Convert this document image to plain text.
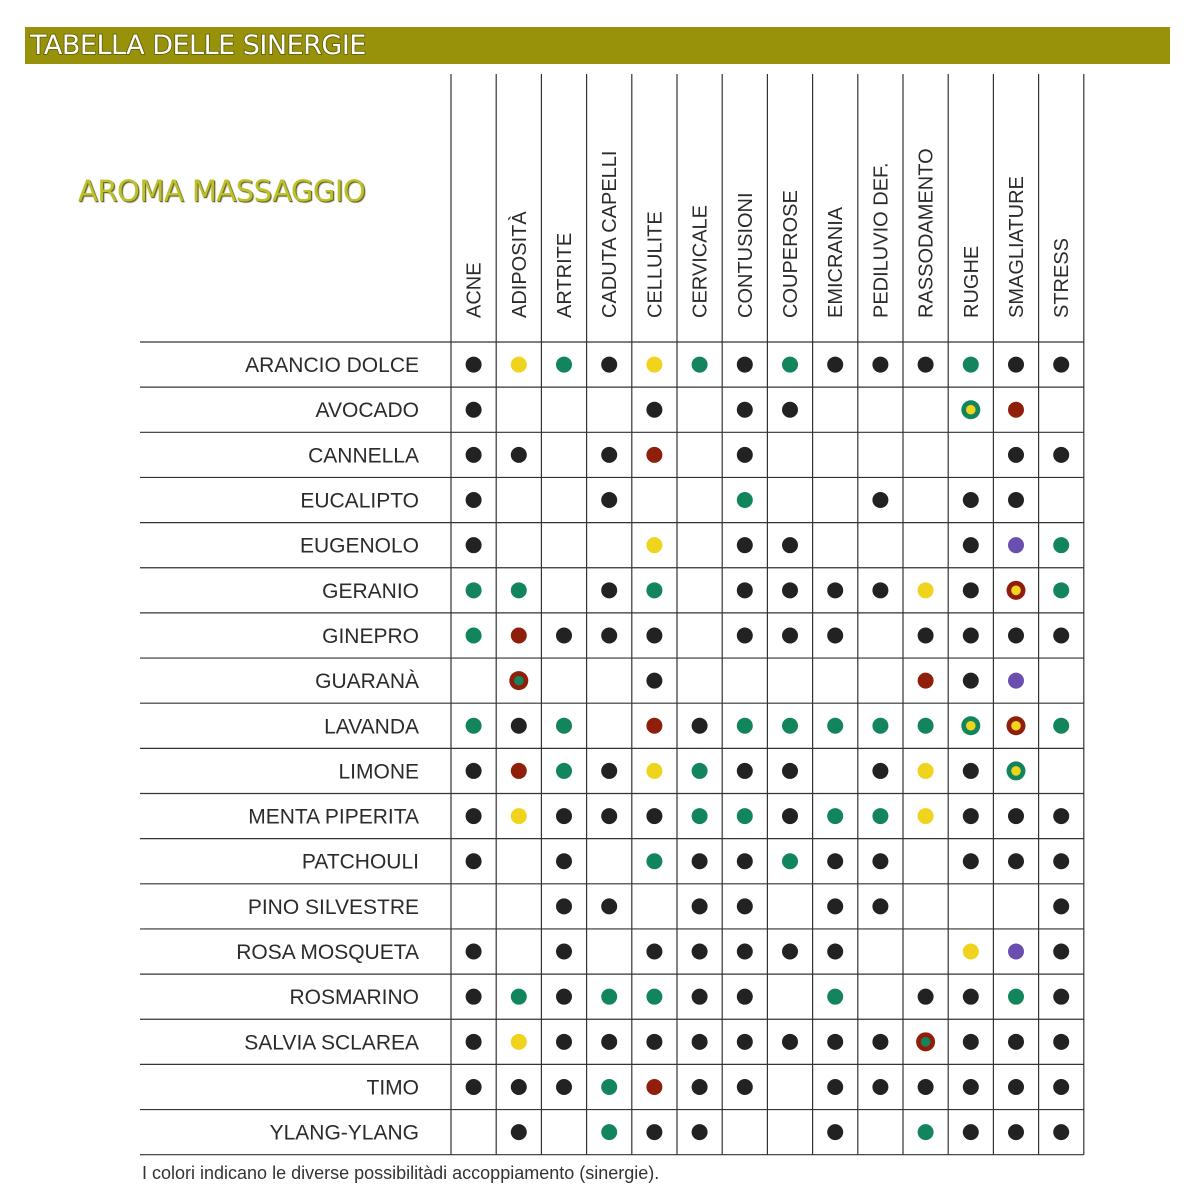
TABELLA DELLE SINERGIE
AROMA MASSAGGIO
ACNE ADIPOSITÀ ARTRITE CADUTA CAPELLI CELLULITE CERVICALE CONTUSIONI COUPEROSE EMICRANIA PEDILUVIO DEF. RASSODAMENTO RUGHE SMAGLIATURE STRESS
ARANCIO DOLCE
AVOCADO
CANNELLA
EUCALIPTO
EUGENOLO
GERANIO
GINEPRO
GUARANÀ
LAVANDA
LIMONE
MENTA PIPERITA
PATCHOULI
PINO SILVESTRE
ROSA MOSQUETA
ROSMARINO
SALVIA SCLAREA
TIMO
YLANG-YLANG
I colori indicano le diverse possibilitàdi accoppiamento (sinergie).
